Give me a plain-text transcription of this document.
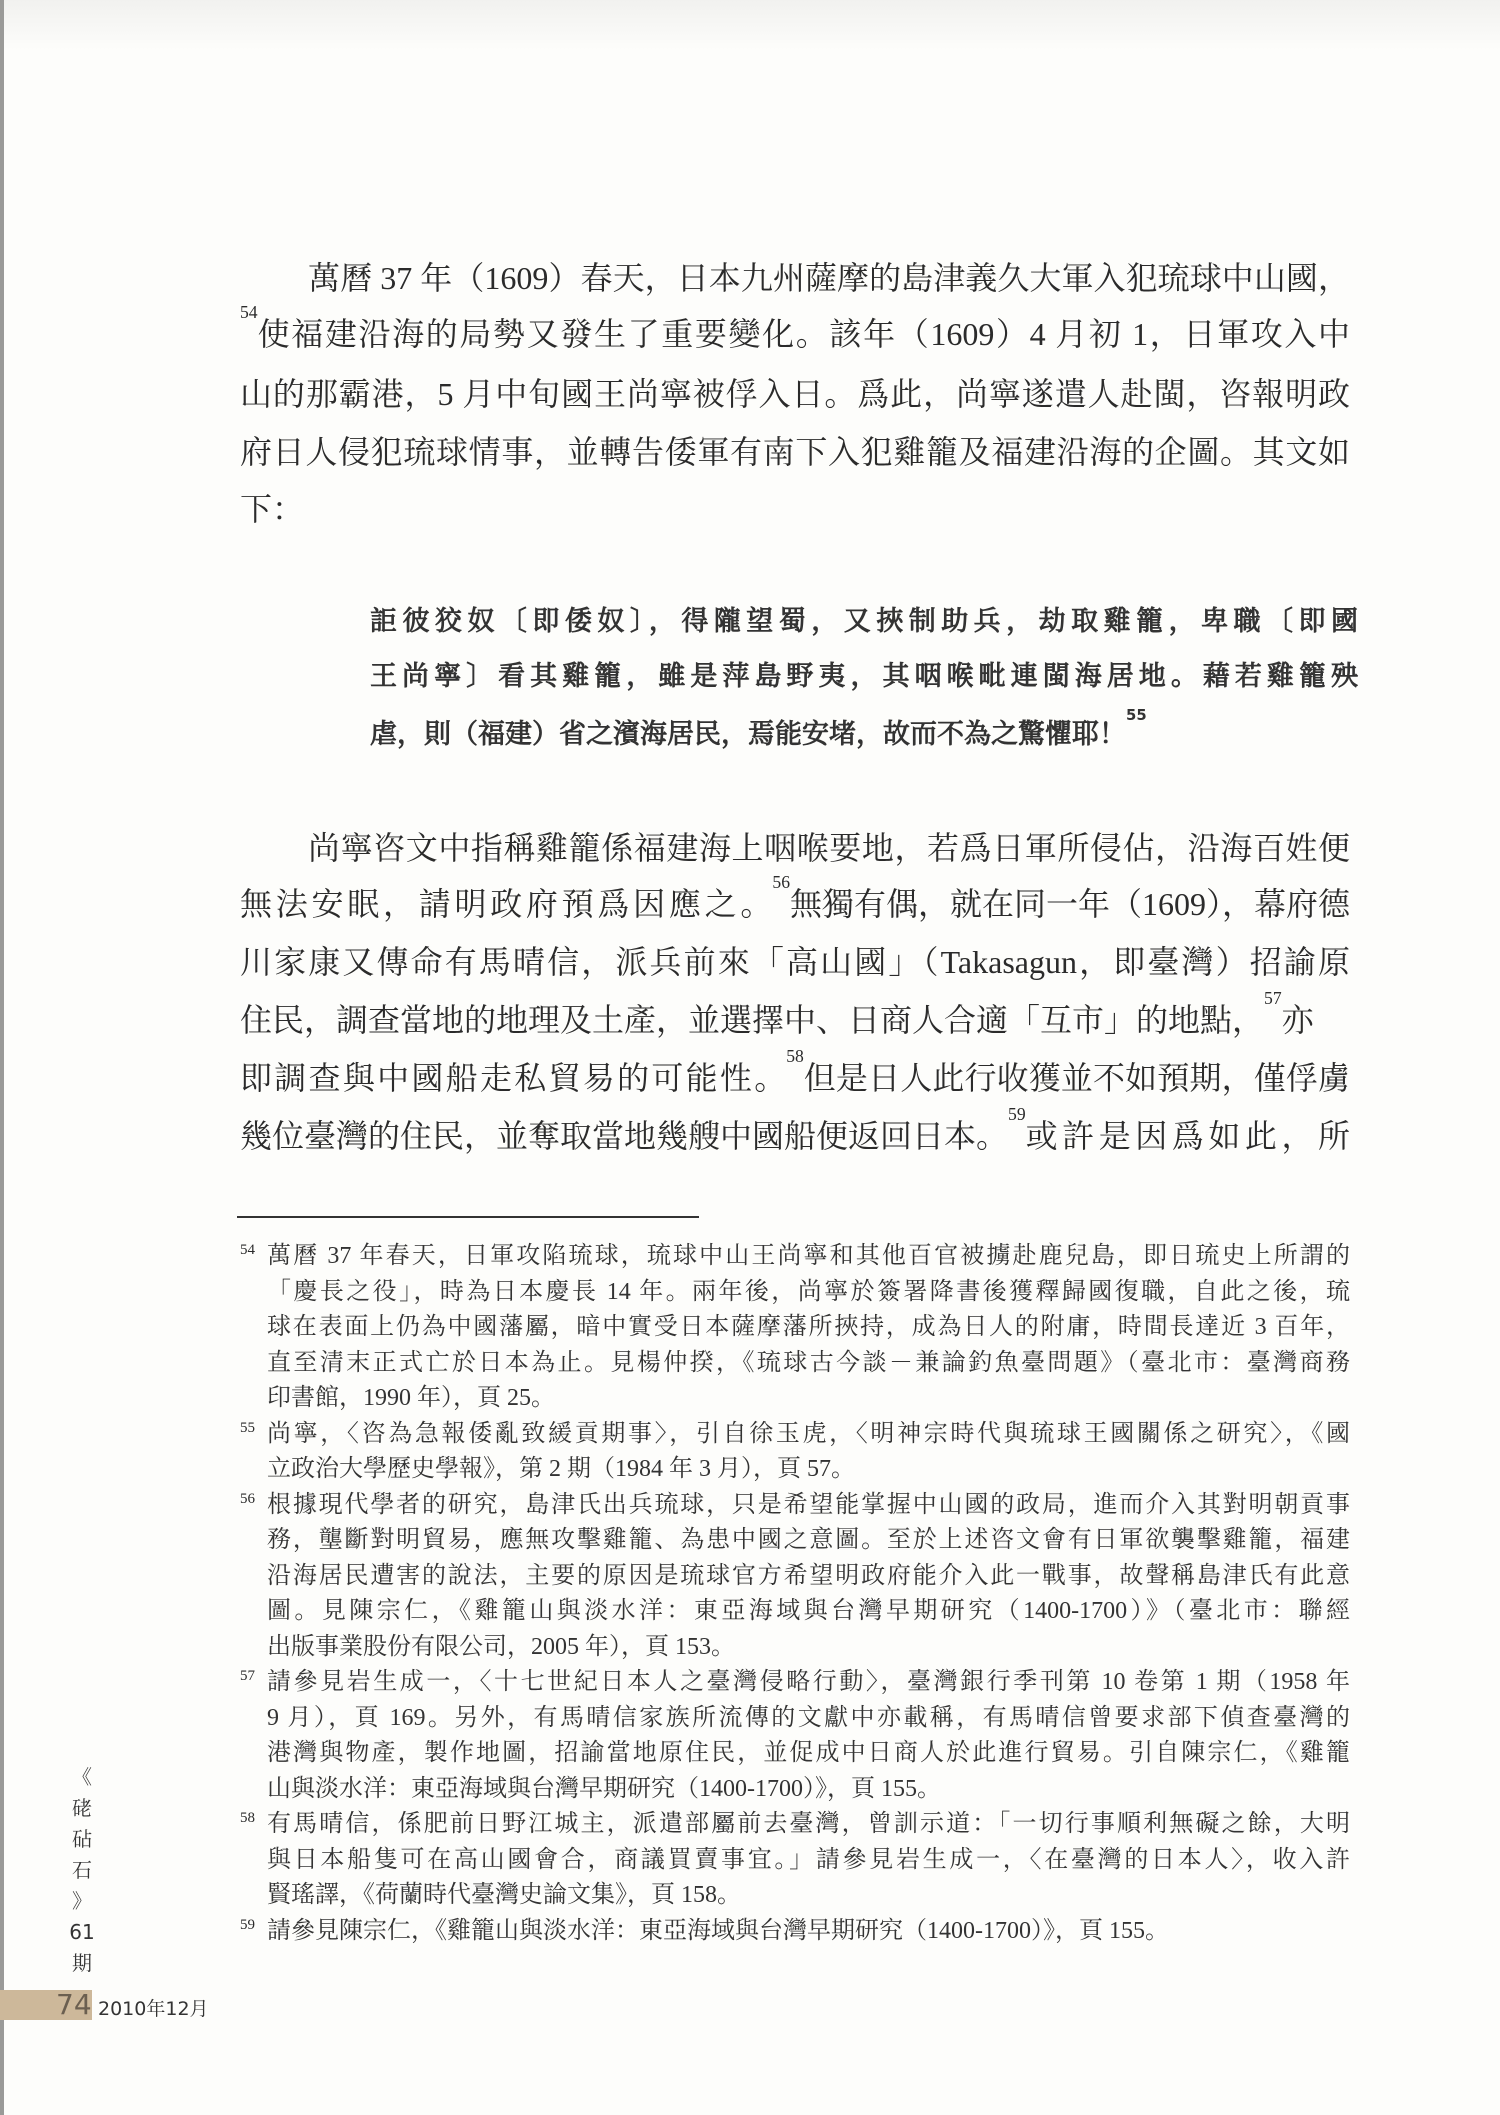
萬曆 37 年（1609）春天，日本九州薩摩的島津義久大軍入犯琉球中山國，
54
使福建沿海的局勢又發生了重要變化。該年（1609）4 月初 1，日軍攻入中
山的那霸港，5 月中旬國王尚寧被俘入日。爲此，尚寧遂遣人赴閩，咨報明政
府日人侵犯琉球情事，並轉告倭軍有南下入犯雞籠及福建沿海的企圖。其文如
下：
詎彼狡奴〔即倭奴〕，得隴望蜀，又挾制助兵，劫取雞籠，卑職〔即國
王尚寧〕看其雞籠，雖是萍島野夷，其咽喉毗連閩海居地。藉若雞籠殃
虐，則（福建）省之濱海居民，焉能安堵，故而不為之驚懼耶！
55
尚寧咨文中指稱雞籠係福建海上咽喉要地，若爲日軍所侵佔，沿海百姓便
無法安眠，請明政府預爲因應之。
56
無獨有偶，就在同一年（1609），幕府德
川家康又傳命有馬晴信，派兵前來「高山國」（Takasagun，即臺灣）招諭原
住民，調查當地的地理及土產，並選擇中、日商人合適「互市」的地點，
57
亦
即調查與中國船走私貿易的可能性。
58
但是日人此行收獲並不如預期，僅俘虜
幾位臺灣的住民，並奪取當地幾艘中國船便返回日本。
59
或許是因爲如此，所
54 萬曆 37 年春天，日軍攻陷琉球，琉球中山王尚寧和其他百官被擄赴鹿兒島，即日琉史上所謂的
「慶長之役」，時為日本慶長 14 年。兩年後，尚寧於簽署降書後獲釋歸國復職，自此之後，琉
球在表面上仍為中國藩屬，暗中實受日本薩摩藩所挾持，成為日人的附庸，時間長達近 3 百年，
直至清末正式亡於日本為止。見楊仲揆，《琉球古今談－兼論釣魚臺問題》（臺北市：臺灣商務
印書館，1990 年），頁 25。
55 尚寧，〈咨為急報倭亂致緩貢期事〉，引自徐玉虎，〈明神宗時代與琉球王國關係之研究〉，《國
立政治大學歷史學報》，第 2 期（1984 年 3 月），頁 57。
56 根據現代學者的研究，島津氏出兵琉球，只是希望能掌握中山國的政局，進而介入其對明朝貢事
務，壟斷對明貿易，應無攻擊雞籠、為患中國之意圖。至於上述咨文會有日軍欲襲擊雞籠，福建
沿海居民遭害的說法，主要的原因是琉球官方希望明政府能介入此一戰事，故聲稱島津氏有此意
圖。見陳宗仁，《雞籠山與淡水洋：東亞海域與台灣早期研究（1400-1700）》（臺北市：聯經
出版事業股份有限公司，2005 年），頁 153。
57 請參見岩生成一，〈十七世紀日本人之臺灣侵略行動〉，臺灣銀行季刊第 10 卷第 1 期（1958 年
9 月），頁 169。另外，有馬晴信家族所流傳的文獻中亦載稱，有馬晴信曾要求部下偵查臺灣的
港灣與物產，製作地圖，招諭當地原住民，並促成中日商人於此進行貿易。引自陳宗仁，《雞籠
山與淡水洋：東亞海域與台灣早期研究（1400-1700）》，頁 155。
58 有馬晴信，係肥前日野江城主，派遣部屬前去臺灣，曾訓示道：「一切行事順利無礙之餘，大明
與日本船隻可在高山國會合，商議買賣事宜。」請參見岩生成一，〈在臺灣的日本人〉，收入許
賢瑤譯，《荷蘭時代臺灣史論文集》，頁 158。
59 請參見陳宗仁，《雞籠山與淡水洋：東亞海域與台灣早期研究（1400-1700）》，頁 155。
《
硓
砧
石
》
61
期
74 2010年12月
